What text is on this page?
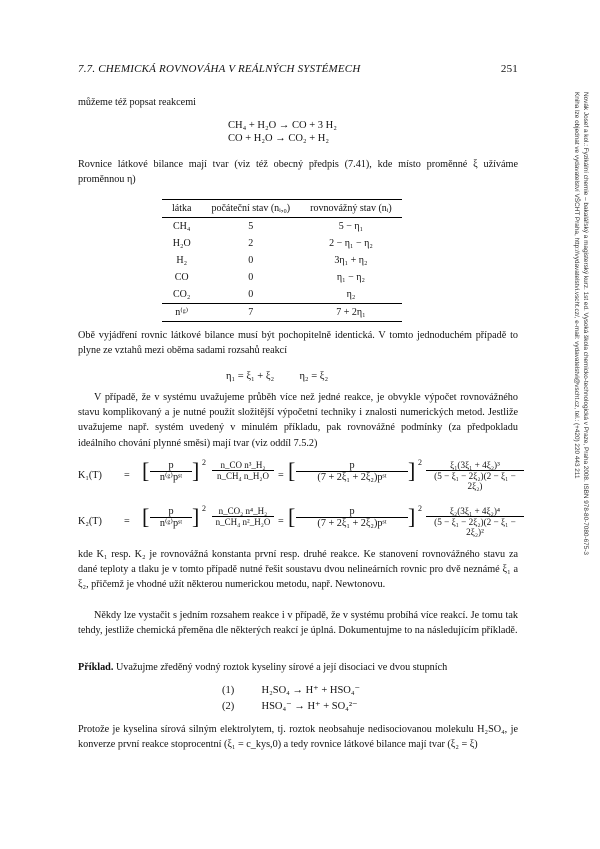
7.7. CHEMICKÁ ROVNOVÁHA V REÁLNÝCH SYSTÉMECH	251
Novák Josef a kol.: Fyzikální chemie – bakalářský a magisterský kurz. 1st ed. Vysoká škola chemicko-technologická v Praze, Praha 2008. ISBN 978-80-7080-675-3
Kniha lze objednat ve vydavatelství VŠCHT Praha, http://vydavatelstvi.vscht.cz/, e-mail: vydavatelstvi@vscht.cz, tel.: (+420) 220 443 211
můžeme též popsat reakcemi
CH₄ + H₂O → CO + 3 H₂
CO + H₂O → CO₂ + H₂
Rovnice látkové bilance mají tvar (viz též obecný předpis (7.41), kde místo proměnné ξ užíváme proměnnou η)
látka	počáteční stav (nᵢ,₀)	rovnovážný stav (nᵢ)
CH₄	5	5 − η₁
H₂O	2	2 − η₁ − η₂
H₂	0	3η₁ + η₂
CO	0	η₁ − η₂
CO₂	0	η₂
n⁽ᵍ⁾	7	7 + 2η₁
Obě vyjádření rovnic látkové bilance musí být pochopitelně identická. V tomto jednoduchém případě to plyne ze vztahů mezi oběma sadami rozsahů reakcí
η₁ = ξ₁ + ξ₂ η₂ = ξ₂
V případě, že v systému uvažujeme průběh více než jedné reakce, je obvykle výpočet rovnovážného stavu komplikovaný a je nutné použít složitější výpočetní techniky i znalosti numerických metod. Jestliže uvažujeme např. systém uvedený v minulém příkladu, pak rovnovážné podmínky (za předpokladu ideálního chování plynné směsi) mají tvar (viz oddíl 7.5.2)
K₁(T) = [	p
n⁽ᵍ⁾pˢᵗ ] $2 \frac{\text{n\_CO n³\_H₂}}{\text{n\_CH₄ n\_H₂O}}$ = [	p
(7 + 2ξ₁ + 2ξ₂)pˢᵗ ] $2 \frac{\text{ξ₁(3ξ₁ + 4ξ₂)³}}{\text{(5 − ξ₁ − 2ξ₂)(2 − ξ₁ − 2ξ₂)}}$
K₂(T) = [	p
n⁽ᵍ⁾pˢᵗ ] $2 \frac{\text{n\_CO₂ n⁴\_H₂}}{\text{n\_CH₄ n²\_H₂O}}$ = [	p
(7 + 2ξ₁ + 2ξ₂)pˢᵗ ] $2 \frac{\text{ξ₂(3ξ₁ + 4ξ₂)⁴}}{\text{(5 − ξ₁ − 2ξ₂)(2 − ξ₁ − 2ξ₂)²}}$
kde K₁ resp. K₂ je rovnovážná konstanta první resp. druhé reakce. Ke stanovení rovnovážného stavu za dané teploty a tlaku je v tomto případě nutné řešit soustavu dvou nelineárních rovnic pro dvě neznámé ξ₁ a ξ₂, přičemž je vhodné užít některou numerickou metodu, např. Newtonovu.
Někdy lze vystačit s jedním rozsahem reakce i v případě, že v systému probíhá více reakcí. Je tomu tak tehdy, jestliže chemická přeměna dle některých reakcí je úplná. Dokumentujme to na následujícím příkladě.
Příklad. Uvažujme zředěný vodný roztok kyseliny sírové a její disociaci ve dvou stupních
(1)	H₂SO₄ → H⁺ + HSO₄⁻
(2)	HSO₄⁻ → H⁺ + SO₄²⁻
Protože je kyselina sírová silným elektrolytem, tj. roztok neobsahuje nedisociovanou molekulu H₂SO₄, je konverze první reakce stoprocentní (ξ₁ = c_kys,0) a tedy rovnice látkové bilance mají tvar (ξ₂ = ξ)
